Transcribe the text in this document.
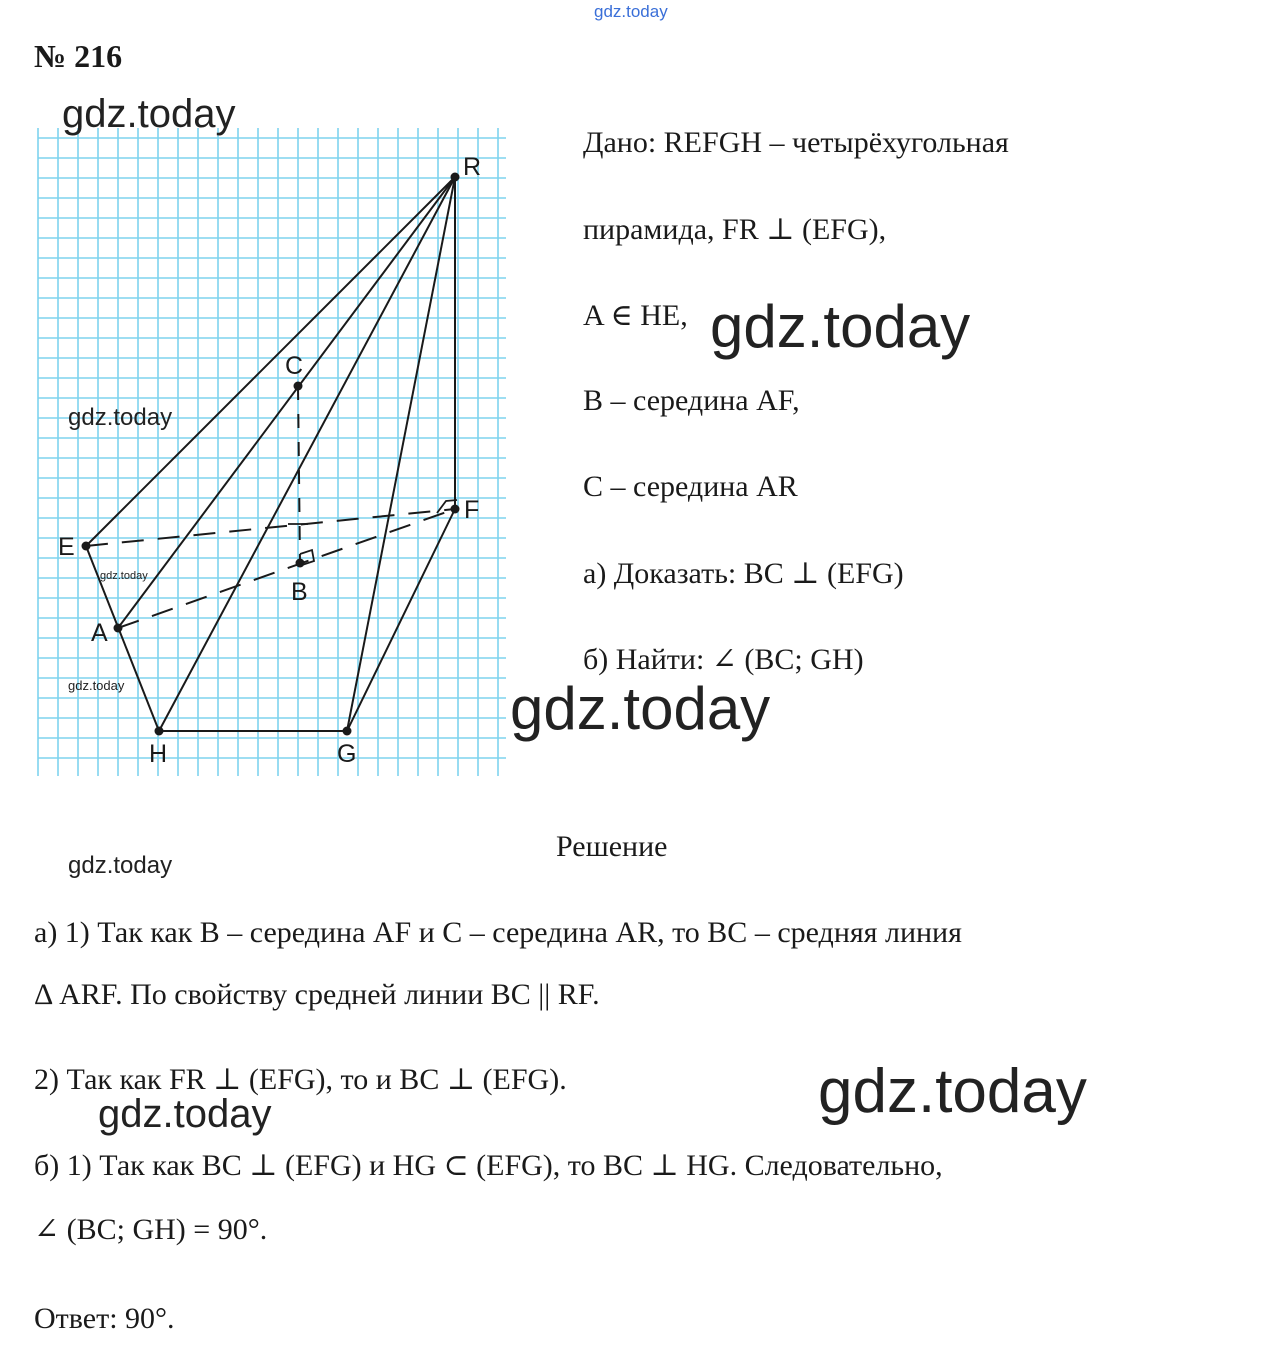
gdz.today
№ 216
R
C
E
F
B
A
H	G
gdz.today
gdz.today
gdz.today
gdz.today
Дано: REFGH – четырёхугольная
пирамида, FR ⊥ (EFG),
A ∈ HE, gdz.today
B – середина AF,
C – середина AR
а) Доказать: BC ⊥ (EFG)
б) Найти: ∠ (BC; GH)
gdz.today
gdz.today
Решение
а) 1) Так как B – середина AF и C – середина AR, то BC – средняя линия
Δ ARF. По свойству средней линии BC || RF.
2) Так как FR ⊥ (EFG), то и BC ⊥ (EFG).	gdz.today
gdz.today
б) 1) Так как BC ⊥ (EFG) и HG ⊂ (EFG), то BC ⊥ HG. Следовательно,
∠ (BC; GH) = 90°.
Ответ: 90°.
